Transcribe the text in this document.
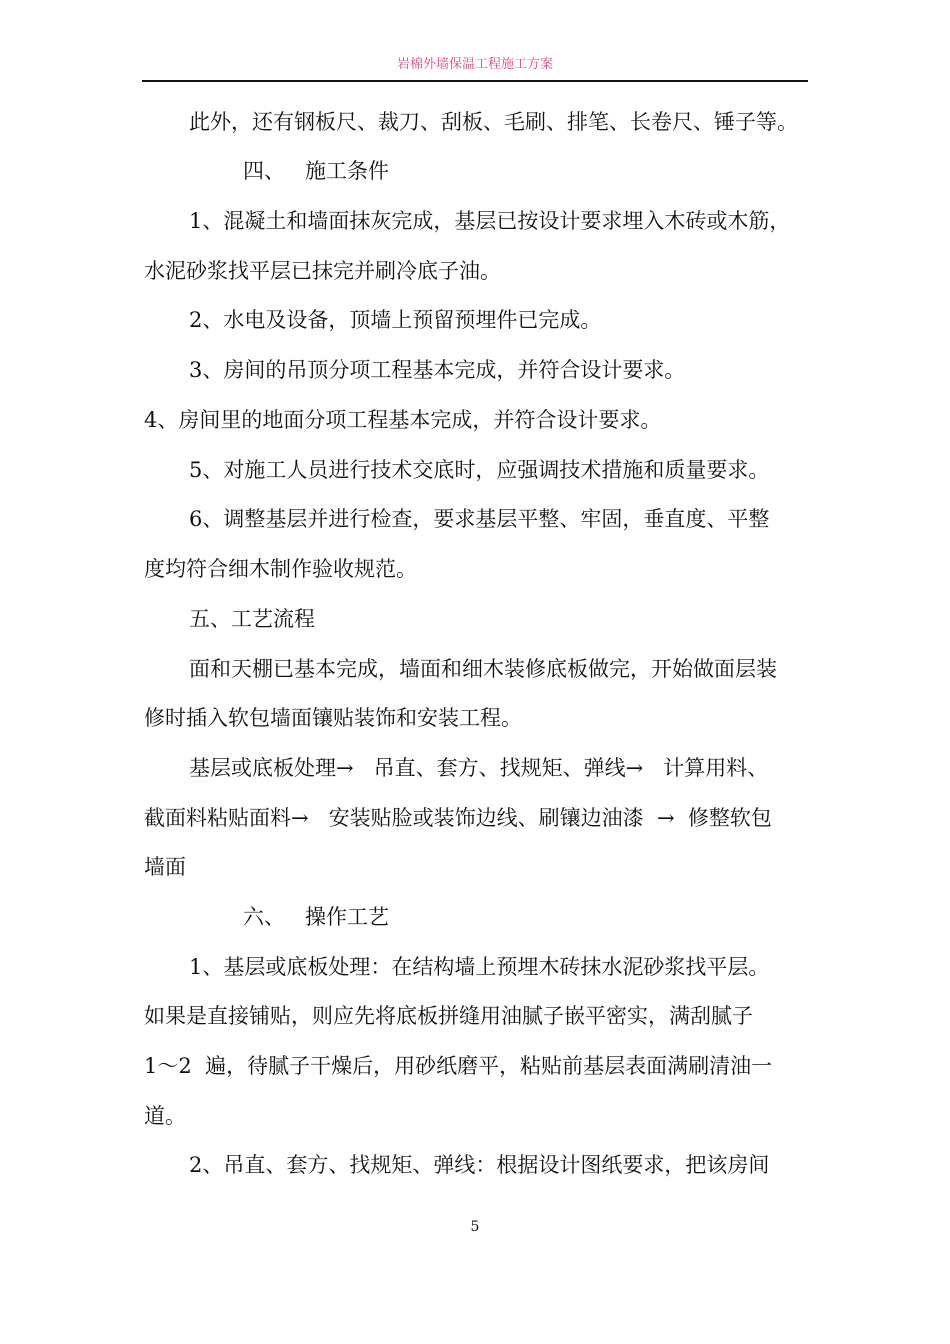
岩棉外墙保温工程施工方案
此外，还有钢板尺、裁刀、刮板、毛刷、排笔、长卷尺、锤子等。
四、   施工条件
1、混凝土和墙面抹灰完成，基层已按设计要求埋入木砖或木筋，
水泥砂浆找平层已抹完并刷冷底子油。
2、水电及设备，顶墙上预留预埋件已完成。
3、房间的吊顶分项工程基本完成，并符合设计要求。
4、房间里的地面分项工程基本完成，并符合设计要求。
5、对施工人员进行技术交底时，应强调技术措施和质量要求。
6、调整基层并进行检查，要求基层平整、牢固，垂直度、平整
度均符合细木制作验收规范。
五、工艺流程
面和天棚已基本完成，墙面和细木装修底板做完，开始做面层装
修时插入软包墙面镶贴装饰和安装工程。
基层或底板处理→   吊直、套方、找规矩、弹线→   计算用料、
截面料粘贴面料→   安装贴脸或装饰边线、刷镶边油漆  →  修整软包
墙面
六、   操作工艺
1、基层或底板处理：在结构墙上预埋木砖抹水泥砂浆找平层。
如果是直接铺贴，则应先将底板拼缝用油腻子嵌平密实，满刮腻子
1～2  遍，待腻子干燥后，用砂纸磨平，粘贴前基层表面满刷清油一
道。
2、吊直、套方、找规矩、弹线：根据设计图纸要求，把该房间
5
